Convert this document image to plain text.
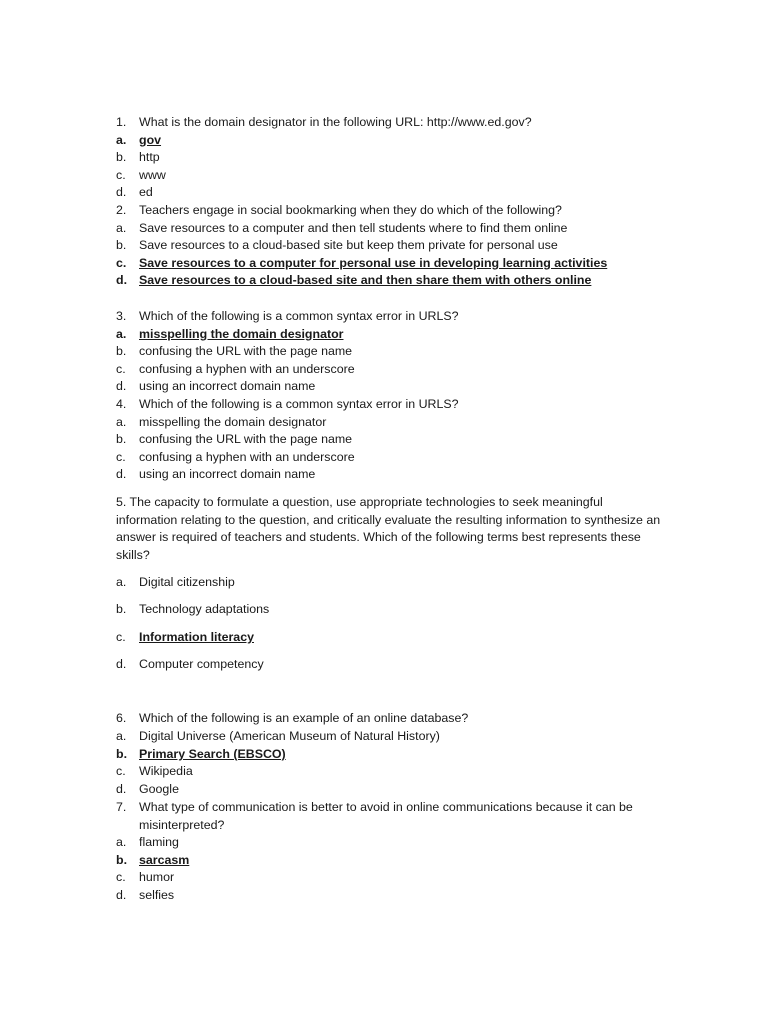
1.	What is the domain designator in the following URL: http://www.ed.gov?
a.	gov
b.	http
c.	www
d.	ed
2.	Teachers engage in social bookmarking when they do which of the following?
a.	Save resources to a computer and then tell students where to find them online
b.	Save resources to a cloud-based site but keep them private for personal use
c.	Save resources to a computer for personal use in developing learning activities
d. Save resources to a cloud-based site and then share them with others online
3.	Which of the following is a common syntax error in URLS?
a.	misspelling the domain designator
b.	confusing the URL with the page name
c.	confusing a hyphen with an underscore
d.	using an incorrect domain name
4.	Which of the following is a common syntax error in URLS?
a.	misspelling the domain designator
b.	confusing the URL with the page name
c.	confusing a hyphen with an underscore
d.	using an incorrect domain name
5. The capacity to formulate a question, use appropriate technologies to seek meaningful information relating to the question, and critically evaluate the resulting information to synthesize an answer is required of teachers and students. Which of the following terms best represents these skills?
a.	Digital citizenship
b.	Technology adaptations
c.	Information literacy
d.	Computer competency
6.	Which of the following is an example of an online database?
a.	Digital Universe (American Museum of Natural History)
b. Primary Search (EBSCO)
c.	Wikipedia
d.	Google
7.	What type of communication is better to avoid in online communications because it can be misinterpreted?
a.	flaming
b. sarcasm
c.	humor
d.	selfies
